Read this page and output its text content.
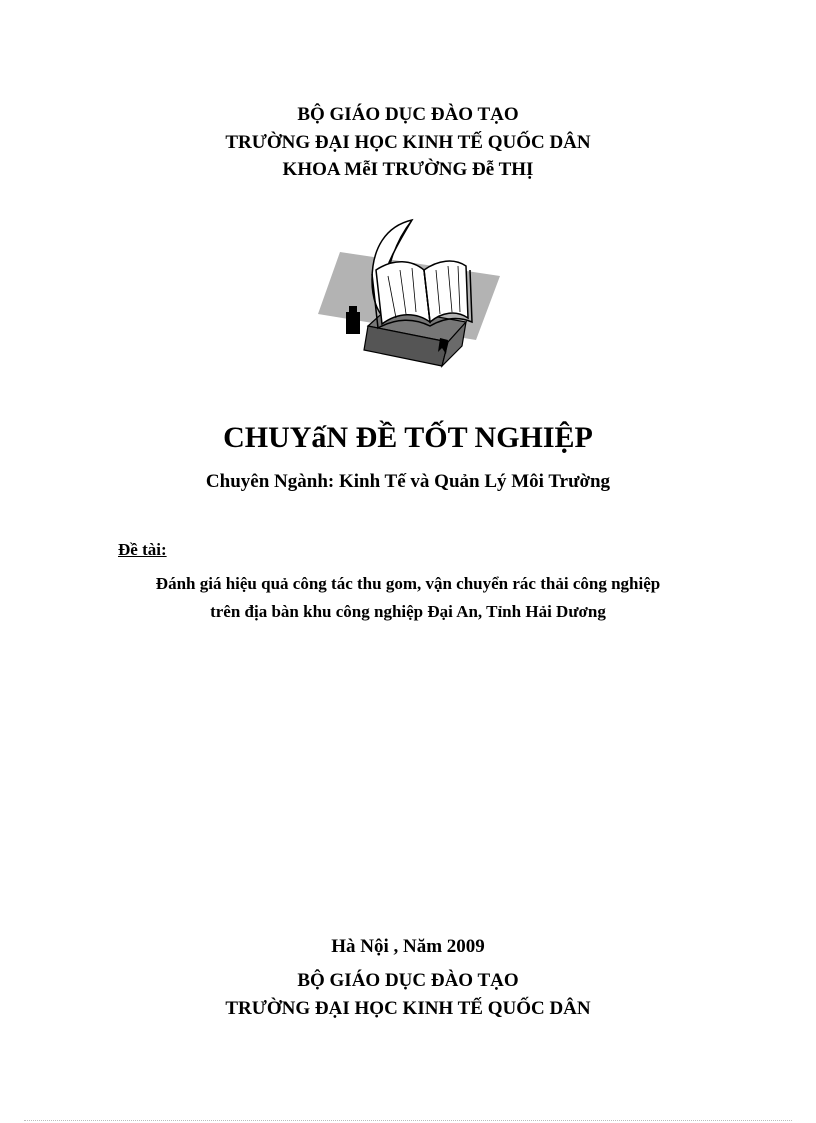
BỘ GIÁO DỤC ĐÀO TẠO
TRƯỜNG ĐẠI HỌC KINH TẾ QUỐC DÂN
KHOA MễI TRƯỜNG Đễ THỊ
CHUYấN ĐỀ TỐT NGHIỆP
Chuyên Ngành: Kinh Tế và Quản Lý Môi Trường
Đề tài:
Đánh giá hiệu quả công tác thu gom, vận chuyển rác thải công nghiệp
trên địa bàn khu công nghiệp Đại An, Tỉnh Hải Dương
Hà Nội , Năm 2009
BỘ GIÁO DỤC ĐÀO TẠO
TRƯỜNG ĐẠI HỌC KINH TẾ QUỐC DÂN
